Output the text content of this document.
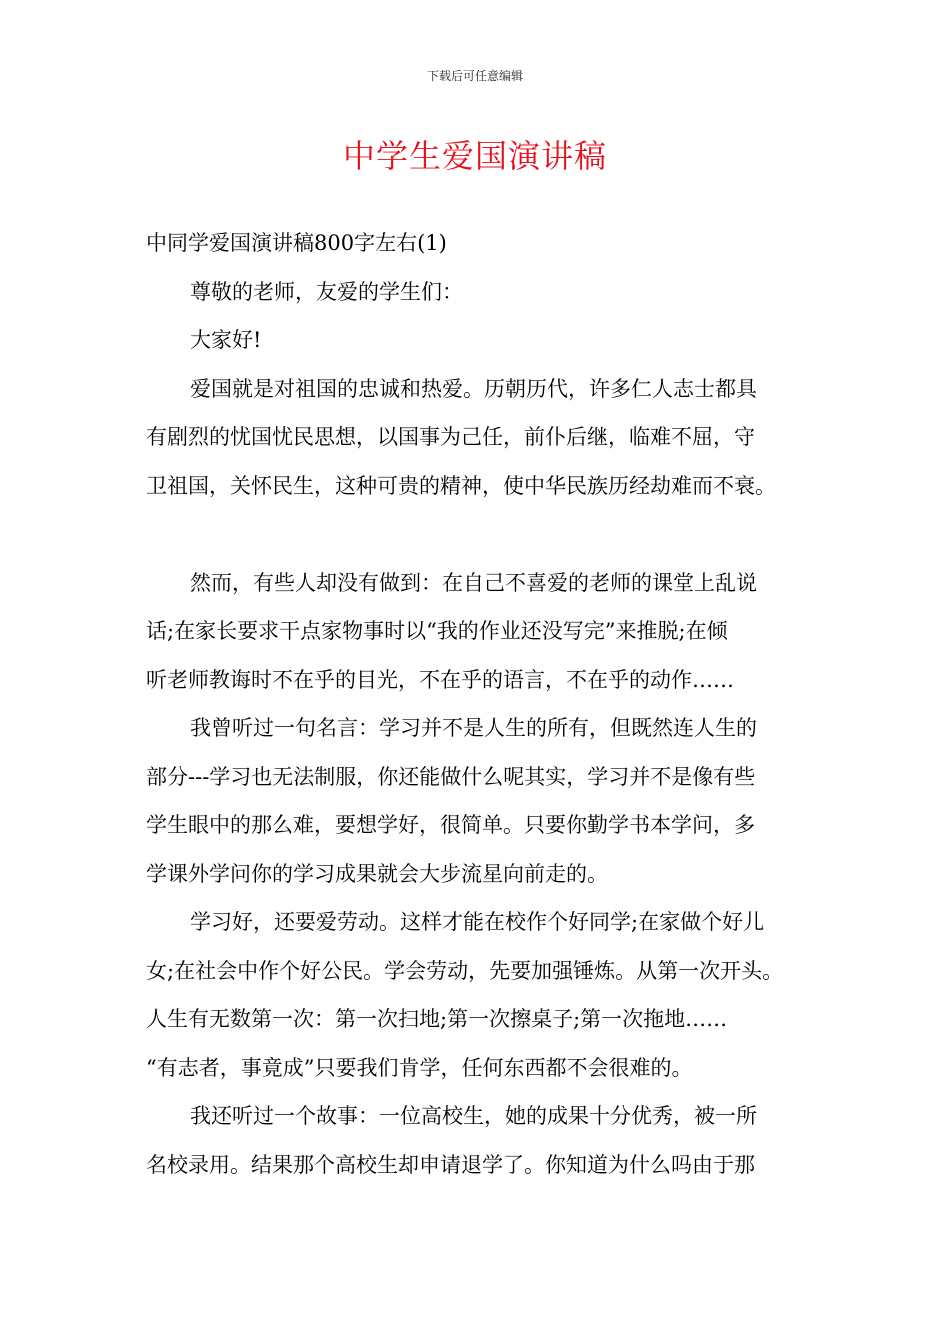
下载后可任意编辑
中学生爱国演讲稿

中同学爱国演讲稿800字左右(1)

尊敬的老师，友爱的学生们：

大家好!

爱国就是对祖国的忠诚和热爱。历朝历代，许多仁人志士都具
有剧烈的忧国忧民思想，以国事为己任，前仆后继，临难不屈，守
卫祖国，关怀民生，这种可贵的精神，使中华民族历经劫难而不衰。

然而，有些人却没有做到：在自己不喜爱的老师的课堂上乱说
话;在家长要求干点家物事时以“我的作业还没写完”来推脱;在倾
听老师教诲时不在乎的目光，不在乎的语言，不在乎的动作……

我曾听过一句名言：学习并不是人生的所有，但既然连人生的
部分---学习也无法制服，你还能做什么呢其实，学习并不是像有些
学生眼中的那么难，要想学好，很简单。只要你勤学书本学问，多
学课外学问你的学习成果就会大步流星向前走的。

学习好，还要爱劳动。这样才能在校作个好同学;在家做个好儿
女;在社会中作个好公民。学会劳动，先要加强锤炼。从第一次开头。
人生有无数第一次：第一次扫地;第一次擦桌子;第一次拖地……
“有志者，事竟成”只要我们肯学，任何东西都不会很难的。

我还听过一个故事：一位高校生，她的成果十分优秀，被一所
名校录用。结果那个高校生却申请退学了。你知道为什么吗由于那
